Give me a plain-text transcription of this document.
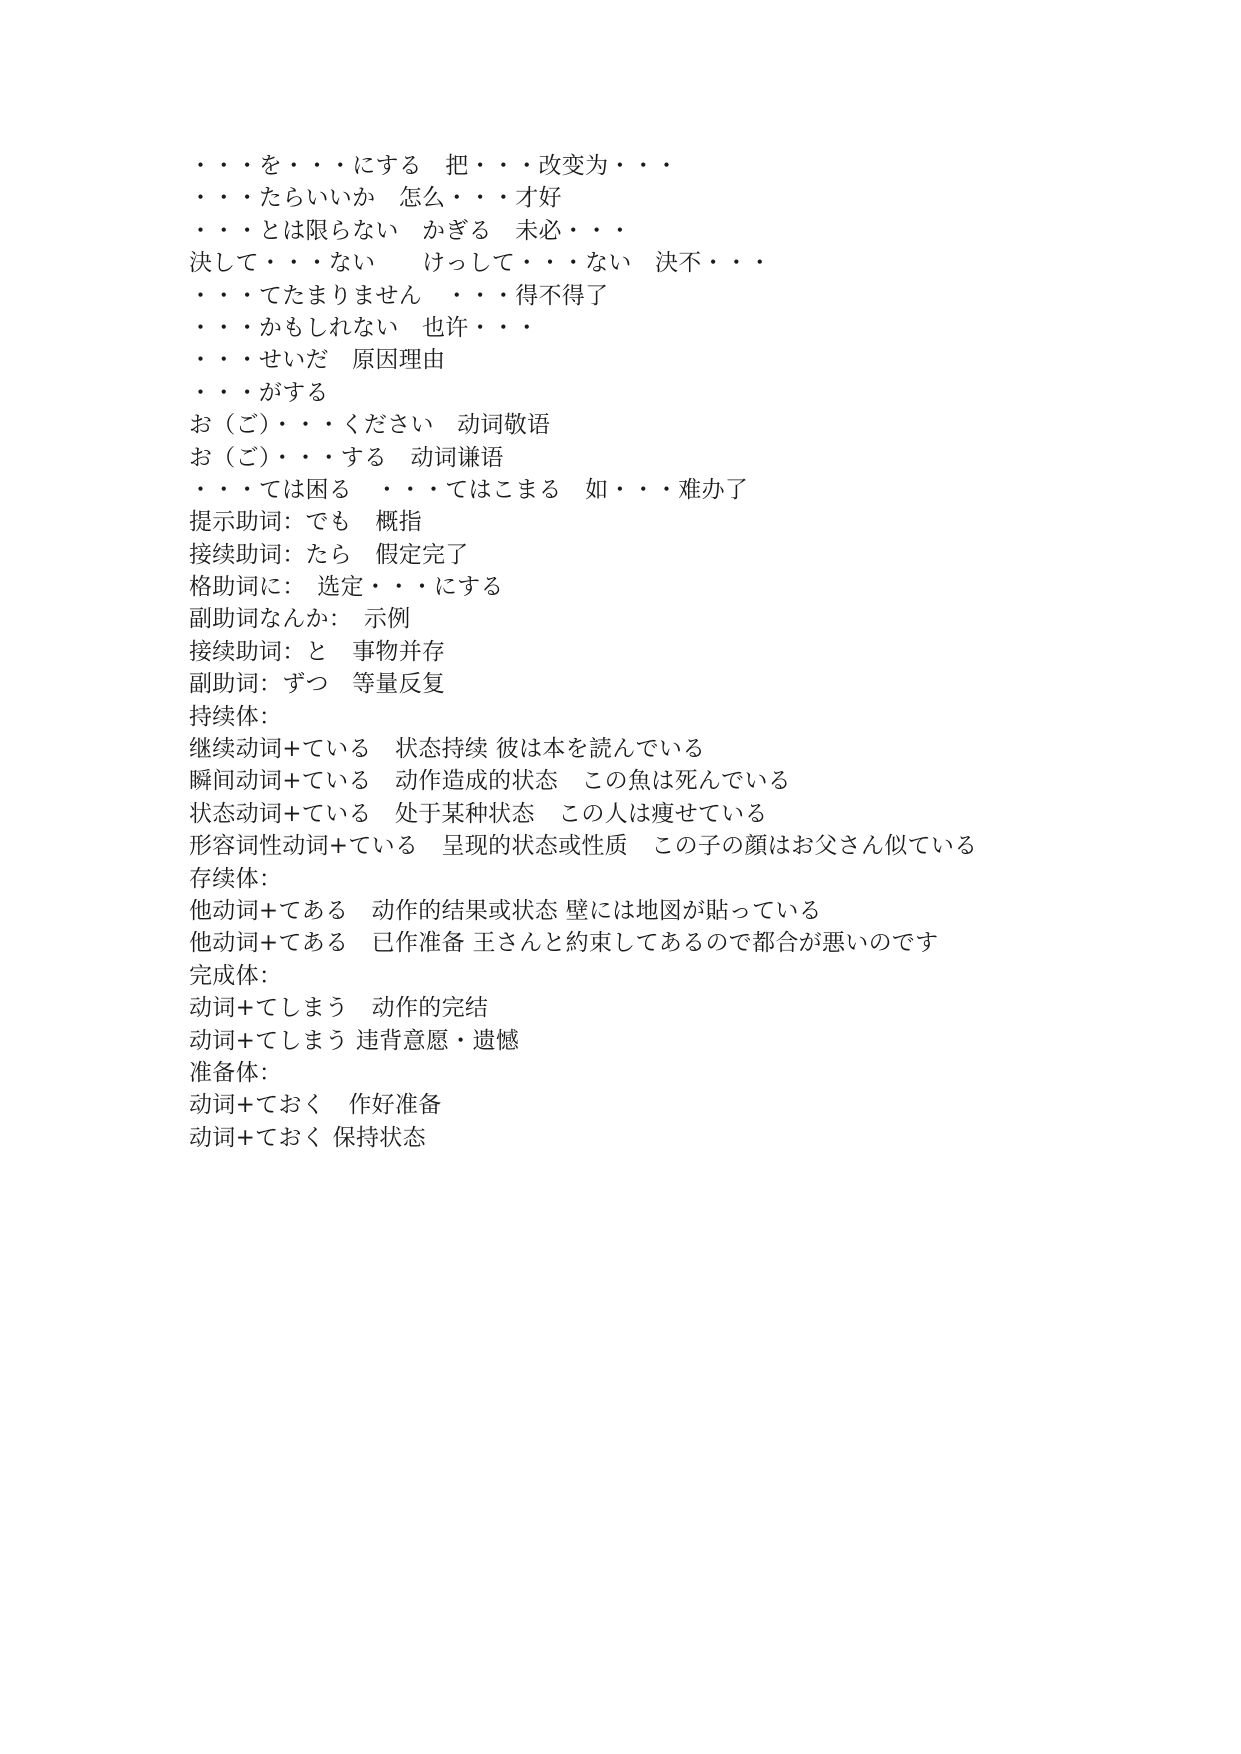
・・・を・・・にする　把・・・改变为・・・
・・・たらいいか　怎么・・・才好
・・・とは限らない　かぎる　未必・・・
決して・・・ない　　けっして・・・ない　決不・・・
・・・てたまりません　・・・得不得了
・・・かもしれない　也许・・・
・・・せいだ　原因理由
・・・がする
お（ご）・・・ください　动词敬语
お（ご）・・・する　动词谦语
・・・ては困る　・・・てはこまる　如・・・难办了
提示助词：でも　概指
接续助词：たら　假定完了
格助词に：　选定・・・にする
副助词なんか：　示例
接续助词：と　事物并存
副助词：ずつ　等量反复
持续体：
继续动词+ている　状态持续 彼は本を読んでいる
瞬间动词+ている　动作造成的状态　この魚は死んでいる
状态动词+ている　处于某种状态　この人は痩せている
形容词性动词+ている　呈现的状态或性质　この子の顔はお父さん似ている
存续体：
他动词+てある　动作的结果或状态 壁には地図が貼っている
他动词+てある　已作准备 王さんと約束してあるので都合が悪いのです
完成体：
动词+てしまう　动作的完结
动词+てしまう 违背意愿・遗憾
准备体：
动词+ておく　作好准备
动词+ておく 保持状态
